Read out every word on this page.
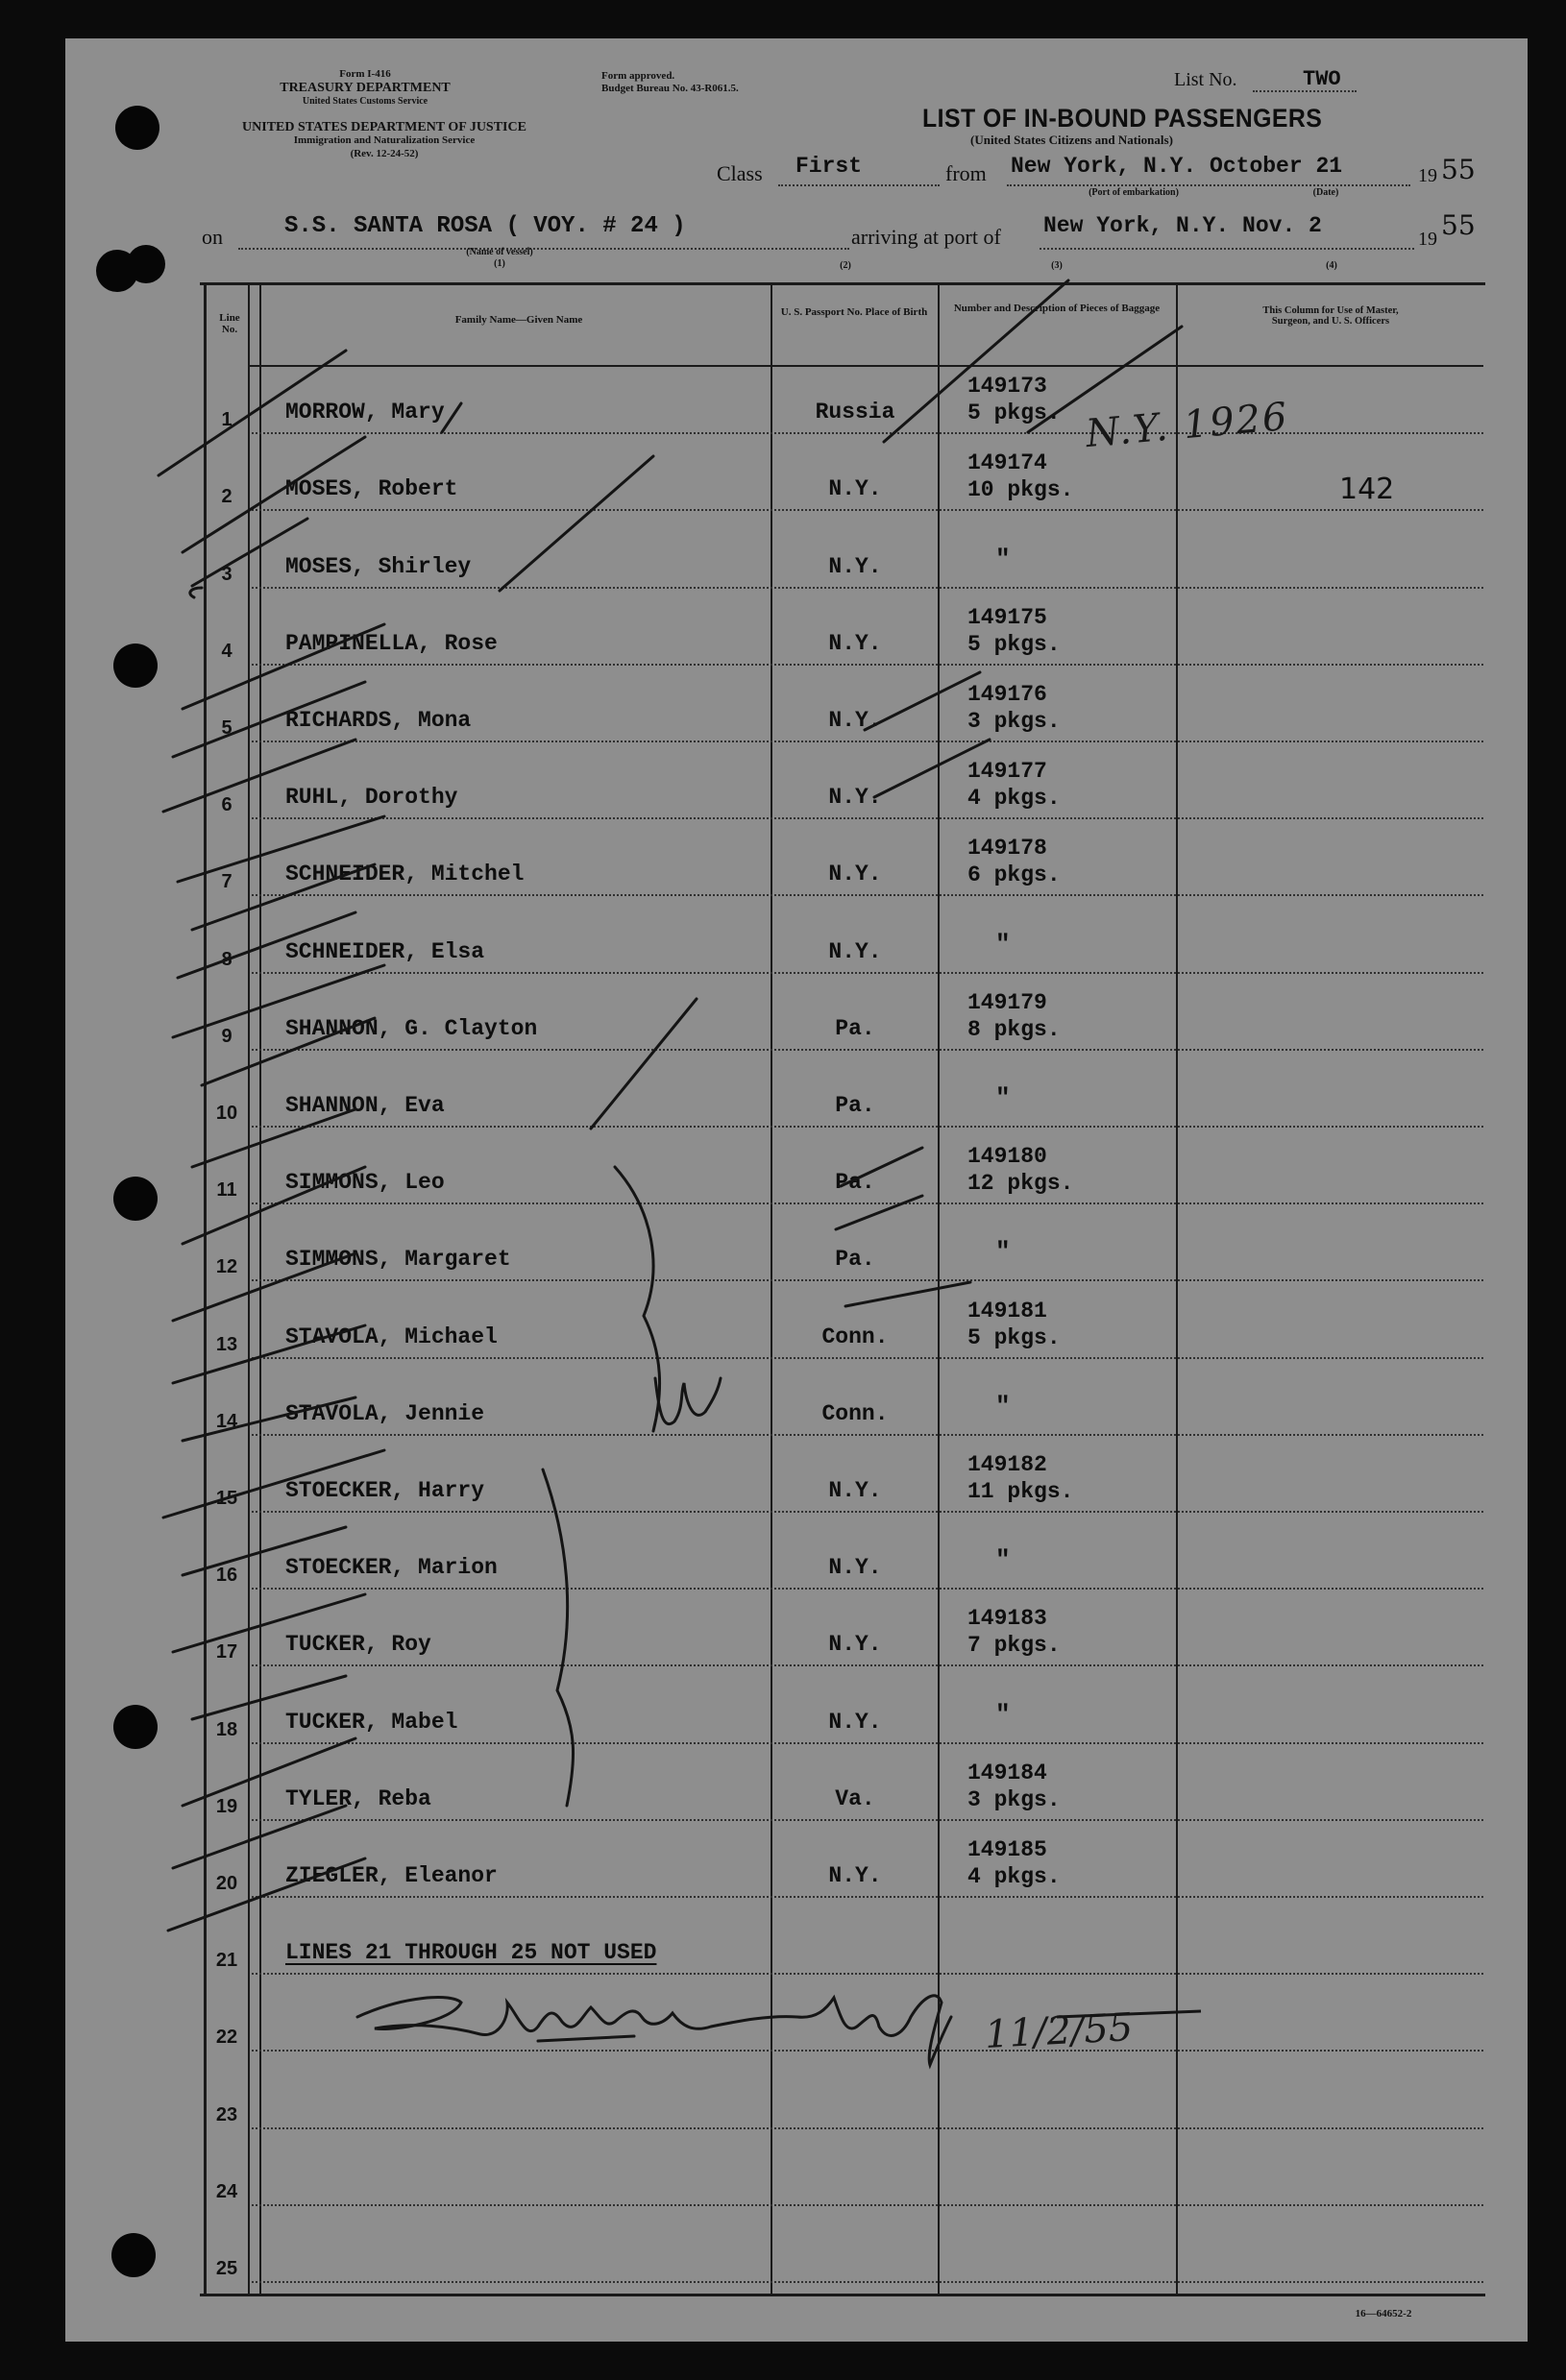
Form I-416
TREASURY DEPARTMENT
United States Customs Service
UNITED STATES DEPARTMENT OF JUSTICE
Immigration and Naturalization Service
(Rev. 12-24-52)
Form approved.
Budget Bureau No. 43-R061.5.	List No.	TWO
LIST OF IN-BOUND PASSENGERS
(United States Citizens and Nationals)
Class First	from New York, N.Y. October 21
(Port of embarkation)	(Date)
19 55
on	S.S. SANTA ROSA ( VOY. # 24 )
(Name of vessel)
arriving at port of New York, N.Y. Nov. 2
19 55
(1)	(2)	(3)	(4)
Line No.
Family Name—Given Name
U. S. Passport No. Place of Birth	Number and Description of Pieces of Baggage	This Column for Use of Master, Surgeon, and U. S. Officers
1	MORROW, Mary	Russia
149173
5 pkgs.
2	MOSES, Robert	N.Y.
149174
10 pkgs.
3	MOSES, Shirley	N.Y.	"
4	PAMPINELLA, Rose	N.Y.
149175
5 pkgs.
5	RICHARDS, Mona	N.Y.
149176
3 pkgs.
6	RUHL, Dorothy	N.Y.
149177
4 pkgs.
7	SCHNEIDER, Mitchel	N.Y.
149178
6 pkgs.
8	SCHNEIDER, Elsa	N.Y.	"
9	SHANNON, G. Clayton	Pa.
149179
8 pkgs.
10	SHANNON, Eva	Pa.	"
11	SIMMONS, Leo	Pa.
149180
12 pkgs.
12	SIMMONS, Margaret	Pa.	"
13	STAVOLA, Michael	Conn.
149181
5 pkgs.
14	STAVOLA, Jennie	Conn.	"
15	STOECKER, Harry	N.Y.
149182
11 pkgs.
16	STOECKER, Marion	N.Y.	"
17	TUCKER, Roy	N.Y.
149183
7 pkgs.
18	TUCKER, Mabel	N.Y.	"
19	TYLER, Reba	Va.
149184
3 pkgs.
20	ZIEGLER, Eleanor	N.Y.
149185
4 pkgs.
21	LINES 21 THROUGH 25 NOT USED
22
23
24
25
N.Y. 1926
142
11/2/55
16—64652-2
